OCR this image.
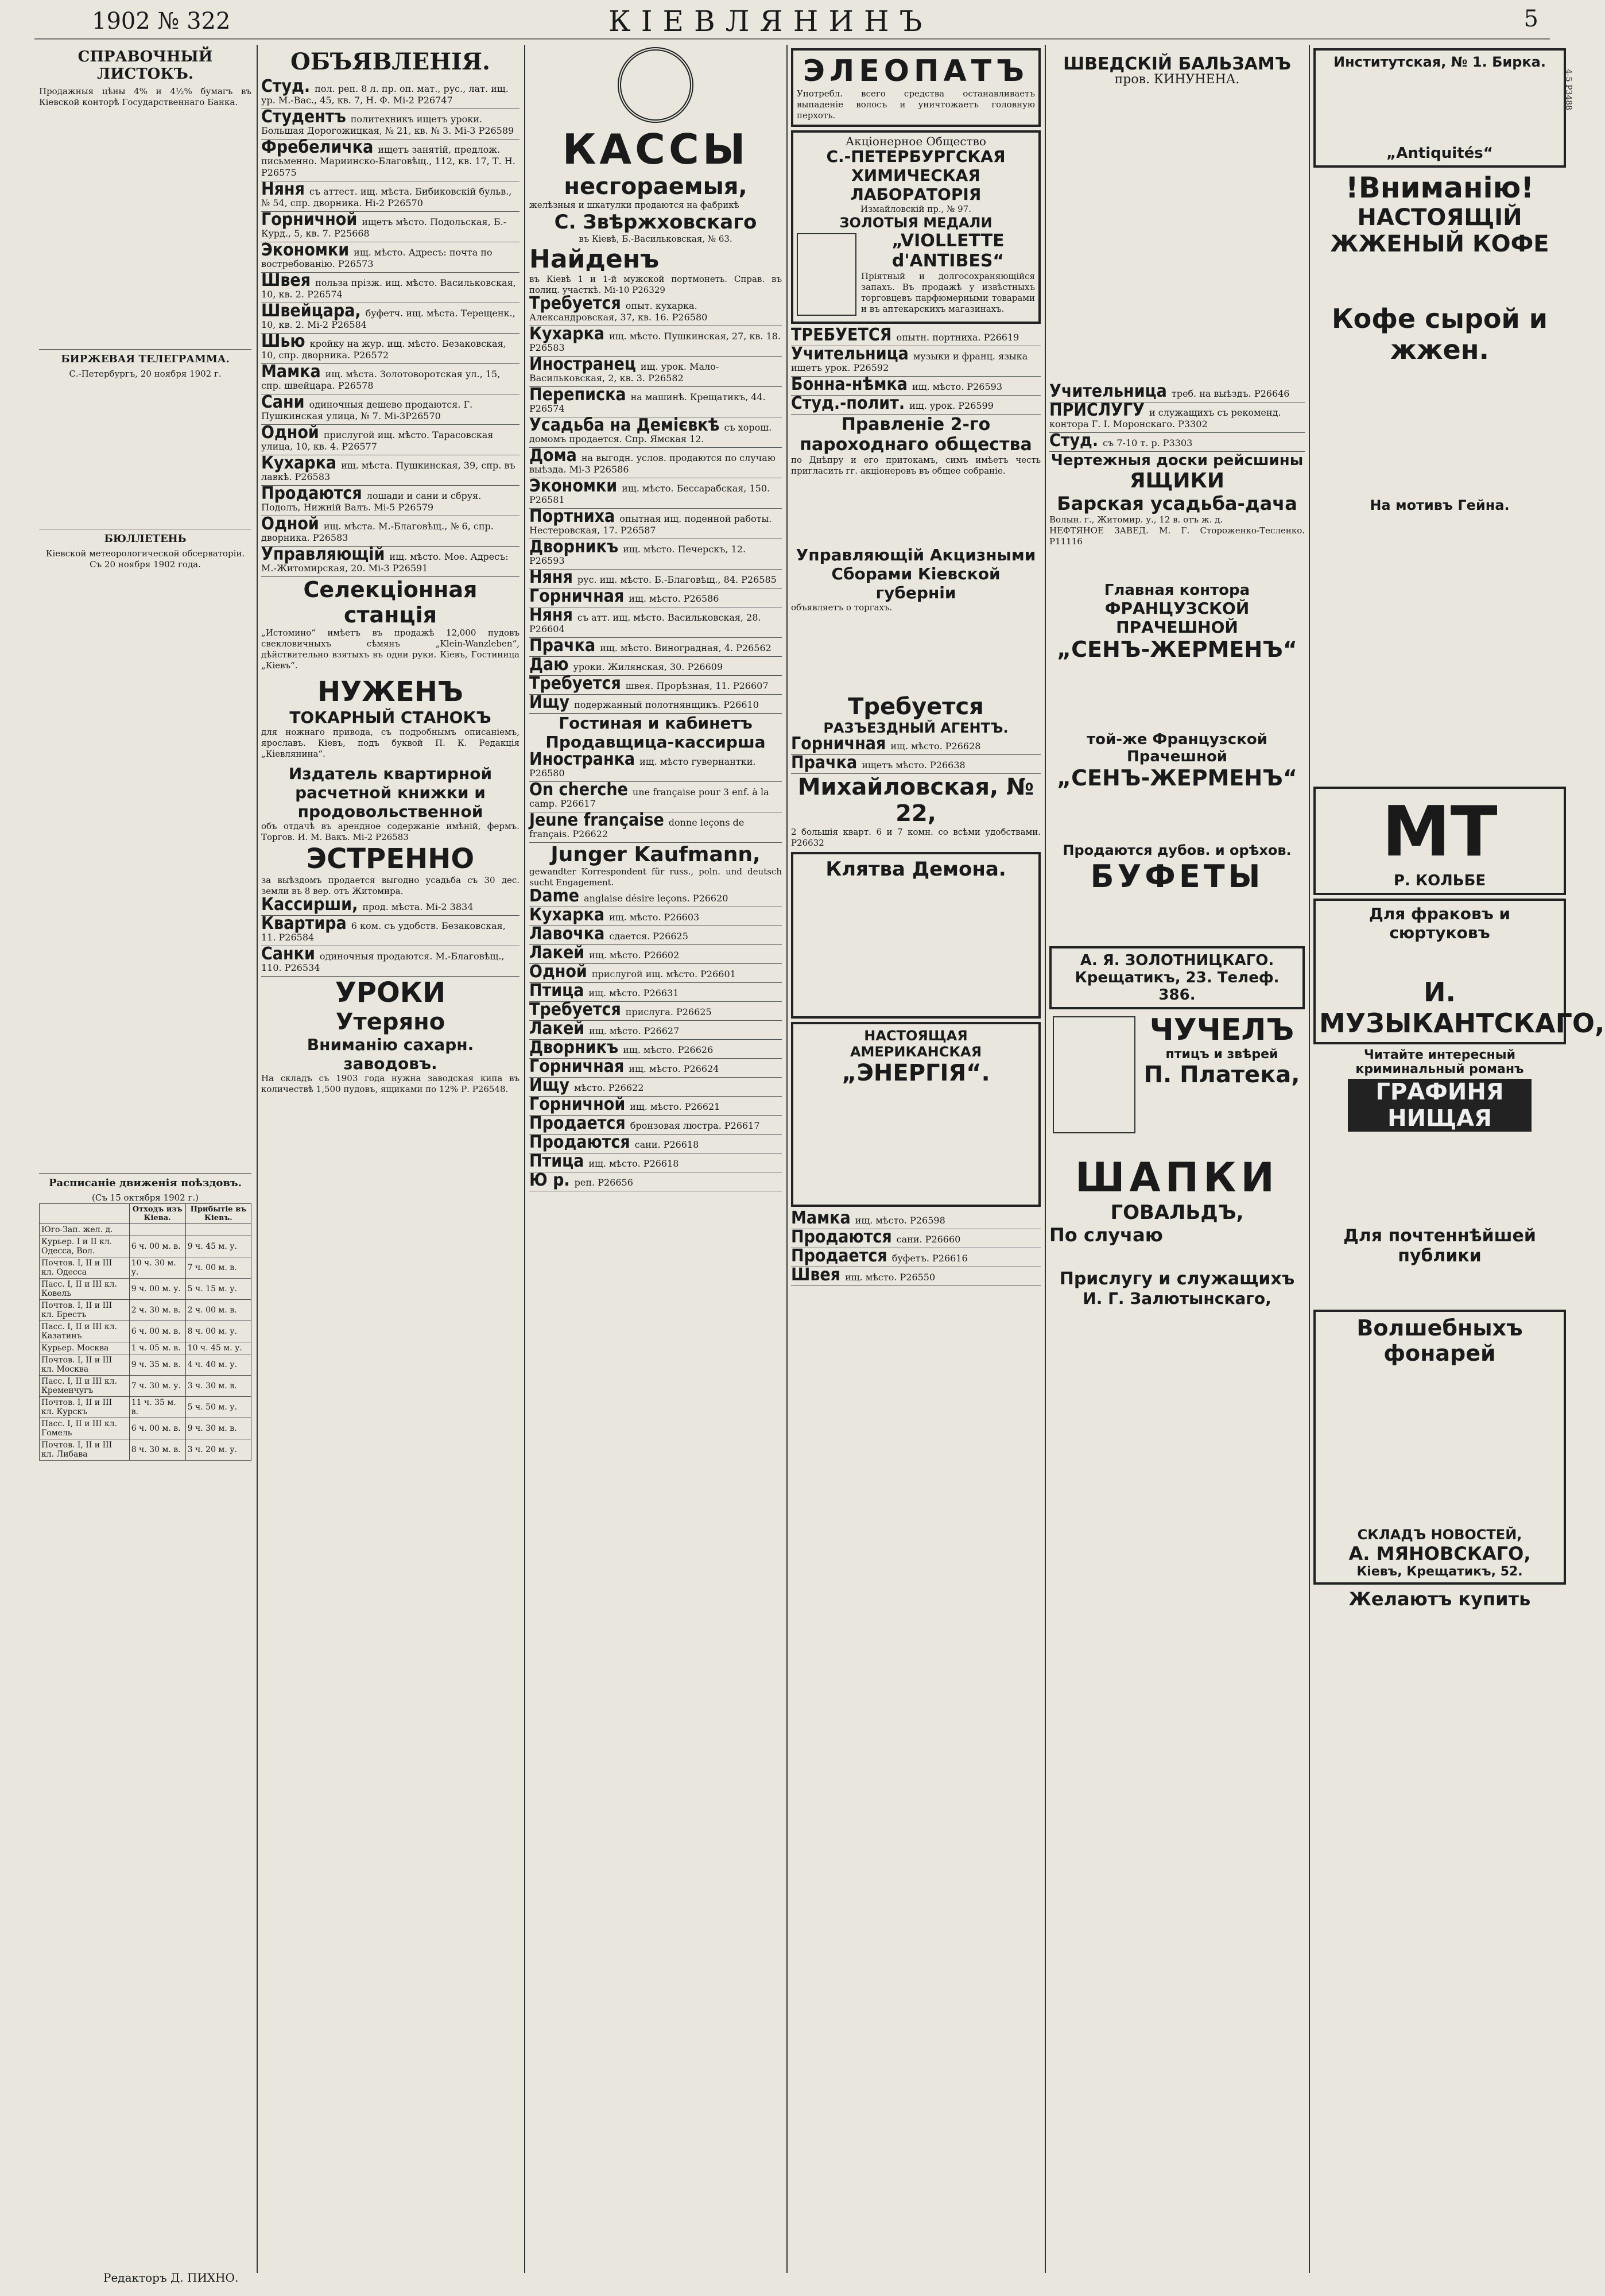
1902 № 322	КІЕВЛЯНИНЪ	5
СПРАВОЧНЫЙ ЛИСТОКЪ.
Продажныя цѣны 4% и 4½% бумагъ въ Кіевской конторѣ Государственнаго Банка.
БИРЖЕВАЯ ТЕЛЕГРАММА.
С.-Петербургъ, 20 ноября 1902 г.
БЮЛЛЕТЕНЬ
Кіевской метеорологической обсерваторіи.
Съ 20 ноября 1902 года.
Расписаніе движенія поѣздовъ.
(Съ 15 октября 1902 г.)
	Отходъ изъ Кіева.	Прибытіе въ Кіевъ.
Юго-Зап. жел. д.		
Курьер. I и II кл. Одесса, Вол.	6 ч. 00 м. в.	9 ч. 45 м. у.
Почтов. I, II и III кл. Одесса	10 ч. 30 м. у.	7 ч. 00 м. в.
Пасс. I, II и III кл. Ковель	9 ч. 00 м. у.	5 ч. 15 м. у.
Почтов. I, II и III кл. Брестъ	2 ч. 30 м. в.	2 ч. 00 м. в.
Пасс. I, II и III кл. Казатинъ	6 ч. 00 м. в.	8 ч. 00 м. у.
Курьер. Москва	1 ч. 05 м. в.	10 ч. 45 м. у.
Почтов. I, II и III кл. Москва	9 ч. 35 м. в.	4 ч. 40 м. у.
Пасс. I, II и III кл. Кременчугъ	7 ч. 30 м. у.	3 ч. 30 м. в.
Почтов. I, II и III кл. Курскъ	11 ч. 35 м. в.	5 ч. 50 м. у.
Пасс. I, II и III кл. Гомель	6 ч. 00 м. в.	9 ч. 30 м. в.
Почтов. I, II и III кл. Либава	8 ч. 30 м. в.	3 ч. 20 м. у.
ОБЪЯВЛЕНІЯ.
Студ. пол. реп. 8 л. пр. оп. мат., рус., лат. ищ. ур. М.-Вас., 45, кв. 7, Н. Ф. Мi-2 Р26747
Студентъ политехникъ ищетъ уроки. Большая Дорогожицкая, № 21, кв. № 3. Мi-3 Р26589
Фребеличка ищетъ занятій, предлож. письменно. Мариинско-Благовѣщ., 112, кв. 17, Т. Н. Р26575
Няня съ аттест. ищ. мѣста. Бибиковскій бульв., № 54, спр. дворника. Нi-2 Р26570
Горничной ищетъ мѣсто. Подольская, Б.-Курд., 5, кв. 7. Р25668
Экономки ищ. мѣсто. Адресъ: почта по востребованію. Р26573
Швея польза прізж. ищ. мѣсто. Васильковская, 10, кв. 2. Р26574
Швейцара, буфетч. ищ. мѣста. Терещенк., 10, кв. 2. Мi-2 Р26584
Шью кройку на жур. ищ. мѣсто. Безаковская, 10, спр. дворника. Р26572
Мамка ищ. мѣста. Золотоворотская ул., 15, спр. швейцара. Р26578
Сани одиночныя дешево продаются. Г. Пушкинская улица, № 7. Мi-3Р26570
Одной прислугой ищ. мѣсто. Тарасовская улица, 10, кв. 4. Р26577
Кухарка ищ. мѣста. Пушкинская, 39, спр. въ лавкѣ. Р26583
Продаются лошади и сани и сбруя. Подолъ, Нижній Валъ. Мi-5 Р26579
Одной ищ. мѣста. М.-Благовѣщ., № 6, спр. дворника. Р26583
Управляющій ищ. мѣсто. Мое. Адресъ: М.-Житомирская, 20. Мi-3 Р26591
Селекціонная станція
„Истомино“ имѣетъ въ продажѣ 12,000 пудовъ свекловичныхъ сѣмянъ „Klein-Wanzleben“, дѣйствительно взятыхъ въ одни руки. Кіевъ, Гостиница „Кіевъ“.
НУЖЕНЪ
ТОКАРНЫЙ СТАНОКЪ
для ножнаго привода, съ подробнымъ описаніемъ, ярославъ. Кіевъ, подъ буквой П. К. Редакція „Кіевлянина“.
Издатель квартирной расчетной книжки и продовольственной
объ отдачѣ въ арендное содержаніе имѣній, фермъ. Торгов. И. М. Вакъ. Мi-2 Р26583
ЭСТРЕННО
за выѣздомъ продается выгодно усадьба съ 30 дес. земли въ 8 вер. отъ Житомира.
Кассирши, прод. мѣста. Мi-2 3834
Квартира 6 ком. съ удобств. Безаковская, 11. Р26584
Санки одиночныя продаются. М.-Благовѣщ., 110. Р26534
УРОКИ
Утеряно
Вниманію сахарн. заводовъ.
На складъ съ 1903 года нужна заводская кипа въ количествѣ 1,500 пудовъ, ящиками по 12% Р. Р26548.
КАССЫ
несгораемыя,
желѣзныя и шкатулки продаются на фабрикѣ
С. Звѣржховскаго
въ Кіевѣ, Б.-Васильковская, № 63.
Найденъ
въ Кіевѣ 1 и 1-й мужской портмонеть. Справ. въ полиц. участкѣ. Мi-10 Р26329
Требуется опыт. кухарка. Александровская, 37, кв. 16. Р26580
Кухарка ищ. мѣсто. Пушкинская, 27, кв. 18. Р26583
Иностранец ищ. урок. Мало-Васильковская, 2, кв. 3. Р26582
Переписка на машинѣ. Крещатикъ, 44. Р26574
Усадьба на Демієвкѣ съ хорош. домомъ продается. Спр. Ямская 12.
Дома на выгодн. услов. продаются по случаю выѣзда. Мi-3 Р26586
Экономки ищ. мѣсто. Бессарабская, 150. Р26581
Портниха опытная ищ. поденной работы. Нестеровская, 17. Р26587
Дворникъ ищ. мѣсто. Печерскъ, 12. Р26593
Няня рус. ищ. мѣсто. Б.-Благовѣщ., 84. Р26585
Горничная ищ. мѣсто. Р26586
Няня съ атт. ищ. мѣсто. Васильковская, 28. Р26604
Прачка ищ. мѣсто. Виноградная, 4. Р26562
Даю уроки. Жилянская, 30. Р26609
Требуется швея. Прорѣзная, 11. Р26607
Ищу подержанный полотнянщикъ. Р26610
Гостиная и кабинетъ
Продавщица-кассирша
Иностранка ищ. мѣсто гувернантки. Р26580
On cherche une française pour 3 enf. à la camp. Р26617
Jeune française donne leçons de français. Р26622
Junger Kaufmann,
gewandter Korrespondent für russ., poln. und deutsch sucht Engagement.
Dame anglaise désire leçons. Р26620
Кухарка ищ. мѣсто. Р26603
Лавочка сдается. Р26625
Лакей ищ. мѣсто. Р26602
Одной прислугой ищ. мѣсто. Р26601
Птица ищ. мѣсто. Р26631
Требуется прислуга. Р26625
Лакей ищ. мѣсто. Р26627
Дворникъ ищ. мѣсто. Р26626
Горничная ищ. мѣсто. Р26624
Ищу мѣсто. Р26622
Горничной ищ. мѣсто. Р26621
Продается бронзовая люстра. Р26617
Продаются сани. Р26618
Птица ищ. мѣсто. Р26618
Ю р. реп. Р26656
ЭЛЕОПАТЪ
Употребл. всего средства останавливаетъ выпаденіе волосъ и уничтожаетъ головную перхоть.
Акціонерное Общество
С.-ПЕТЕРБУРГСКАЯ ХИМИЧЕСКАЯ ЛАБОРАТОРІЯ
Измайловскій пр., № 97.
ЗОЛОТЫЯ МЕДАЛИ
„VIOLLETTE d'ANTIBES“
Пріятный и долгосохраняющійся запахъ. Въ продажѣ у извѣстныхъ торговцевъ парфюмерными товарами и въ аптекарскихъ магазинахъ.
ТРЕБУЕТСЯ опытн. портниха. Р26619
Учительница музыки и франц. языка ищетъ урок. Р26592
Бонна-нѣмка ищ. мѣсто. Р26593
Студ.-полит. ищ. урок. Р26599
Правленіе 2-го пароходнаго общества
по Днѣпру и его притокамъ, симъ имѣетъ честь пригласить гг. акціонеровъ въ общее собраніе.
Управляющій Акцизными Сборами Кіевской губерніи
объявляетъ о торгахъ.
Требуется
РАЗЪЕЗДНЫЙ АГЕНТЪ.
Горничная ищ. мѣсто. Р26628
Прачка ищетъ мѣсто. Р26638
Михайловская, № 22,
2 большія кварт. 6 и 7 комн. со всѣми удобствами. Р26632
Клятва Демона.
НАСТОЯЩАЯ АМЕРИКАНСКАЯ
„ЭНЕРГІЯ“.
Мамка ищ. мѣсто. Р26598
Продаются сани. Р26660
Продается буфетъ. Р26616
Швея ищ. мѣсто. Р26550
ШВЕДСКІЙ БАЛЬЗАМЪ
пров. КИНУНЕНА.
Учительница треб. на выѣздъ. Р26646
ПРИСЛУГУ и служащихъ съ рекоменд. контора Г. І. Моронскаго. Р3302
Студ. съ 7-10 т. р. Р3303
Чертежныя доски рейсшины
ЯЩИКИ
Барская усадьба-дача
Волын. г., Житомир. у., 12 в. отъ ж. д.
НЕФТЯНОЕ ЗАВЕД. М. Г. Стороженко-Тесленко. Р11116
Главная контора
ФРАНЦУЗСКОЙ ПРАЧЕШНОЙ
„СЕНЪ-ЖЕРМЕНЪ“
той-же Французской Прачешной
„СЕНЪ-ЖЕРМЕНЪ“
Продаются дубов. и орѣхов.
БУФЕТЫ
А. Я. ЗОЛОТНИЦКАГО.
Крещатикъ, 23. Телеф. 386.
ЧУЧЕЛЪ
птицъ и звѣрей
П. Платека,
ШАПКИ
ГОВАЛЬДЪ,
По случаю
Прислугу и служащихъ
И. Г. Залютынскаго,
Институтская, № 1. Бирка.
„Antiquités“
!Вниманію!
НАСТОЯЩІЙ ЖЖЕНЫЙ КОФЕ
Кофе сырой и жжен.
На мотивъ Гейна.
МТ
Р. КОЛЬБЕ
Для фраковъ и сюртуковъ
И. МУЗЫКАНТСКАГО,
Читайте интересный криминальный романъ
ГРАФИНЯ НИЩАЯ
Для почтеннѣйшей публики
Волшебныхъ фонарей
СКЛАДЪ НОВОСТЕЙ,
А. МЯНОВСКАГО,
Кіевъ, Крещатикъ, 52.
Желаютъ купить
4-5 Р3488
Редакторъ Д. ПИХНО.
